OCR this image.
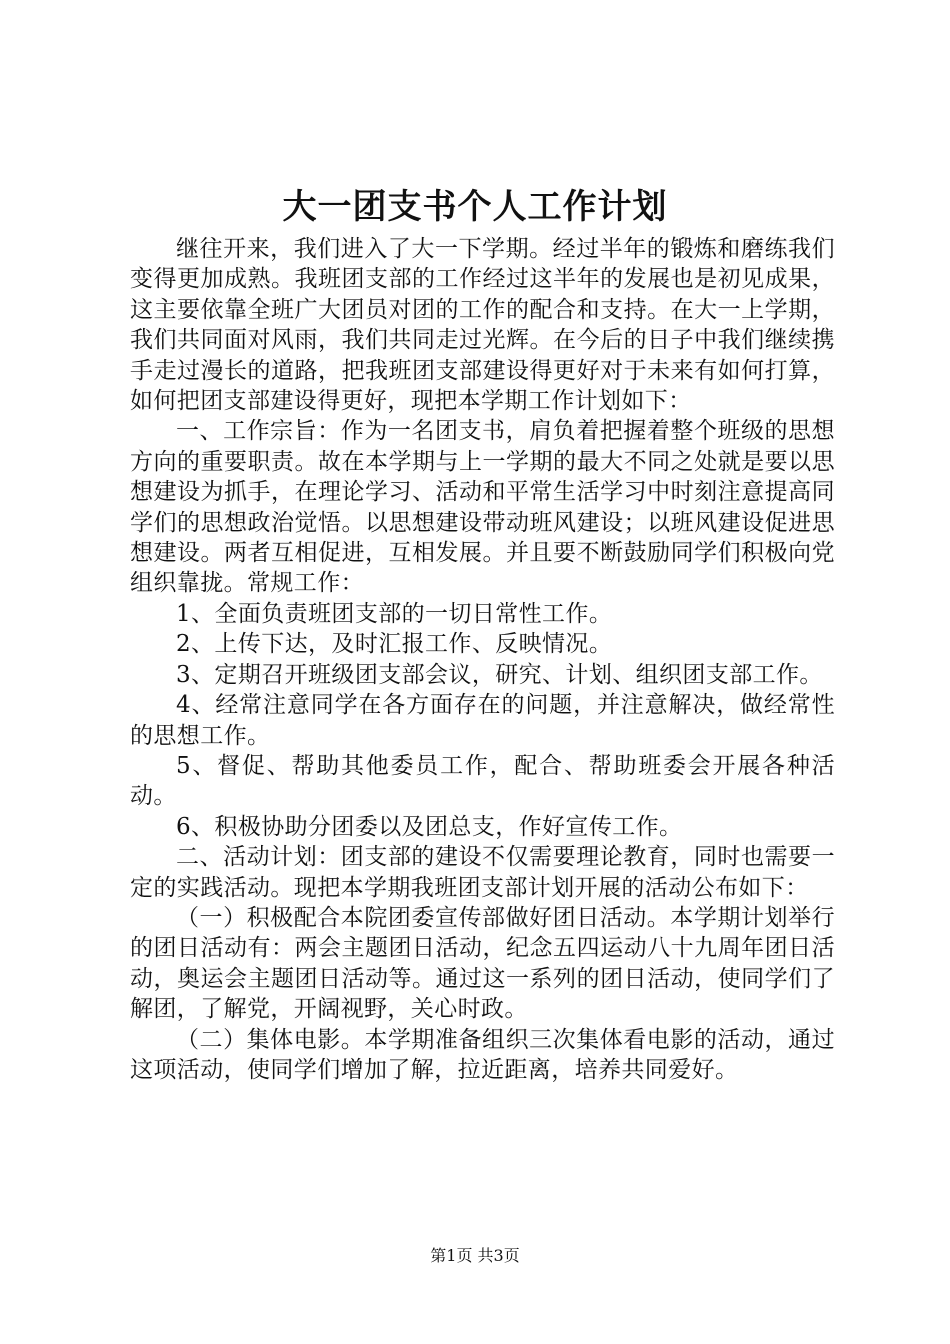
大一团支书个人工作计划

继往开来，我们进入了大一下学期。经过半年的锻炼和磨练我们变得更加成熟。我班团支部的工作经过这半年的发展也是初见成果，这主要依靠全班广大团员对团的工作的配合和支持。在大一上学期，我们共同面对风雨，我们共同走过光辉。在今后的日子中我们继续携手走过漫长的道路，把我班团支部建设得更好对于未来有如何打算，如何把团支部建设得更好，现把本学期工作计划如下：

一、工作宗旨：作为一名团支书，肩负着把握着整个班级的思想方向的重要职责。故在本学期与上一学期的最大不同之处就是要以思想建设为抓手，在理论学习、活动和平常生活学习中时刻注意提高同学们的思想政治觉悟。以思想建设带动班风建设；以班风建设促进思想建设。两者互相促进，互相发展。并且要不断鼓励同学们积极向党组织靠拢。常规工作：

1、全面负责班团支部的一切日常性工作。

2、上传下达，及时汇报工作、反映情况。

3、定期召开班级团支部会议，研究、计划、组织团支部工作。

4、经常注意同学在各方面存在的问题，并注意解决，做经常性的思想工作。

5、督促、帮助其他委员工作，配合、帮助班委会开展各种活动。

6、积极协助分团委以及团总支，作好宣传工作。

二、活动计划：团支部的建设不仅需要理论教育，同时也需要一定的实践活动。现把本学期我班团支部计划开展的活动公布如下：

（一）积极配合本院团委宣传部做好团日活动。本学期计划举行的团日活动有：两会主题团日活动，纪念五四运动八十九周年团日活动，奥运会主题团日活动等。通过这一系列的团日活动，使同学们了解团，了解党，开阔视野，关心时政。

（二）集体电影。本学期准备组织三次集体看电影的活动，通过这项活动，使同学们增加了解，拉近距离，培养共同爱好。

第1页 共3页
